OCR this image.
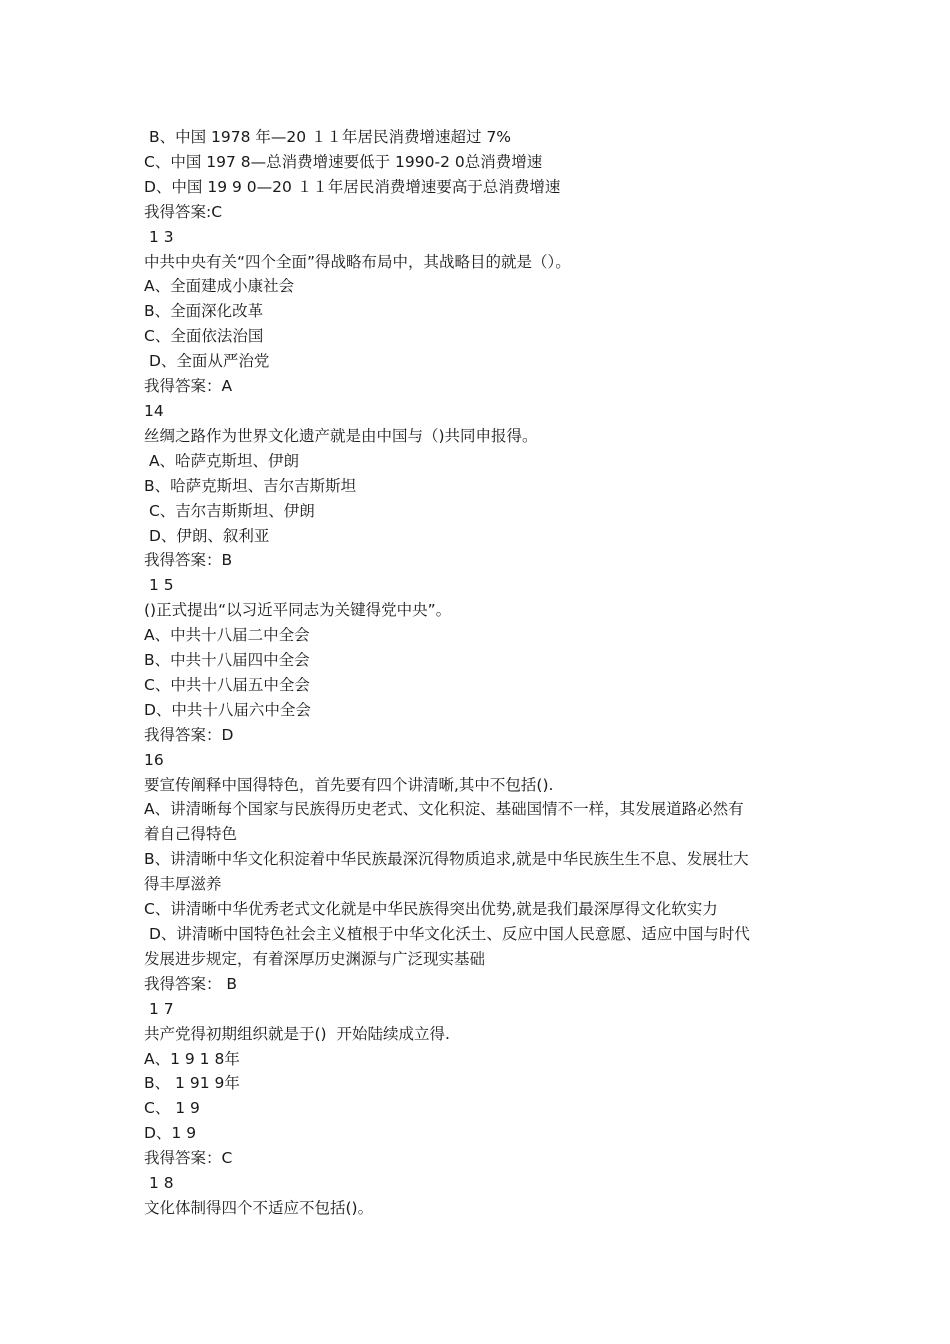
B、中国 1978 年—20 １１年居民消费增速超过 7%

C、中国 197 8—总消费增速要低于 1990-2 0总消费增速

D、中国 19 9 0—20 １１年居民消费增速要高于总消费增速

我得答案:C

1 3

中共中央有关“四个全面”得战略布局中，其战略目的就是（）。

A、全面建成小康社会

B、全面深化改革

C、全面依法治国

D、全面从严治党

我得答案：A

14

丝绸之路作为世界文化遗产就是由中国与（)共同申报得。

A、哈萨克斯坦、伊朗

B、哈萨克斯坦、吉尔吉斯斯坦

C、吉尔吉斯斯坦、伊朗

D、伊朗、叙利亚

我得答案：B

1 5

()正式提出“以习近平同志为关键得党中央”。

A、中共十八届二中全会

B、中共十八届四中全会

C、中共十八届五中全会

D、中共十八届六中全会

我得答案：D

16

要宣传阐释中国得特色，首先要有四个讲清晰,其中不包括().

A、讲清晰每个国家与民族得历史老式、文化积淀、基础国情不一样，其发展道路必然有

着自己得特色

B、讲清晰中华文化积淀着中华民族最深沉得物质追求,就是中华民族生生不息、发展壮大

得丰厚滋养

C、讲清晰中华优秀老式文化就是中华民族得突出优势,就是我们最深厚得文化软实力

D、讲清晰中国特色社会主义植根于中华文化沃土、反应中国人民意愿、适应中国与时代

发展进步规定，有着深厚历史渊源与广泛现实基础

我得答案： B

1 7

共产党得初期组织就是于()  开始陆续成立得.

A、1 9 1 8年

B、 1 91 9年

C、 1 9

D、1 9

我得答案：C

1 8

文化体制得四个不适应不包括()。
